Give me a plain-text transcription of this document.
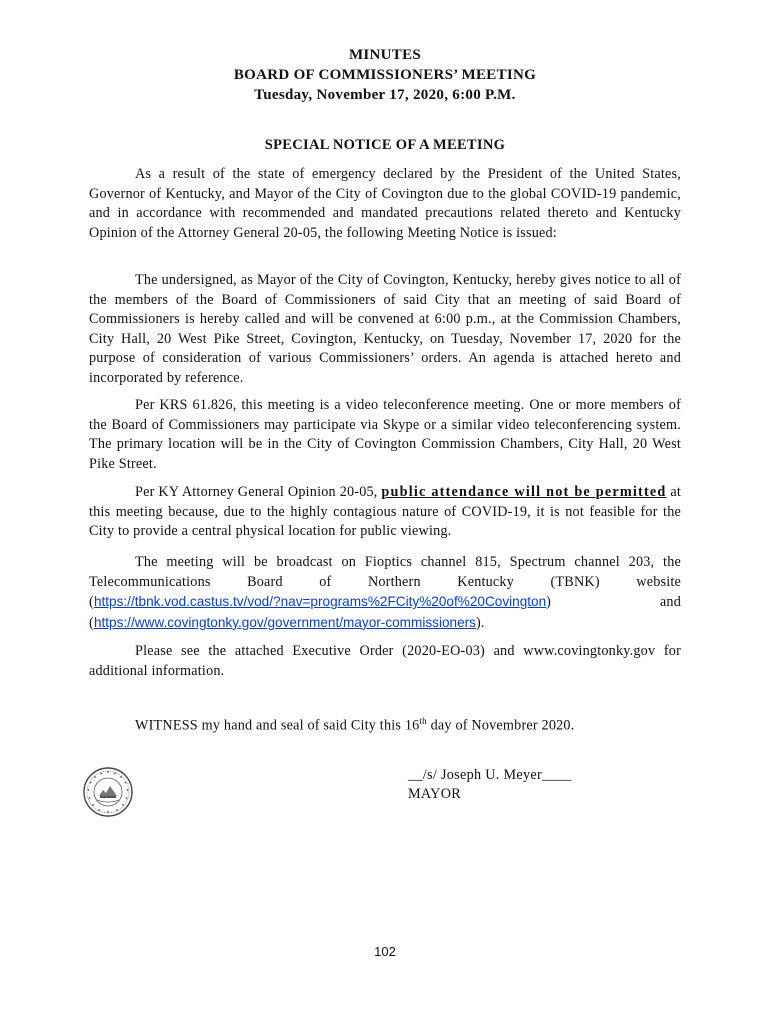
MINUTES
BOARD OF COMMISSIONERS’ MEETING
Tuesday, November 17, 2020, 6:00 P.M.
SPECIAL NOTICE OF A MEETING

As a result of the state of emergency declared by the President of the United States, Governor of Kentucky, and Mayor of the City of Covington due to the global COVID-19 pandemic, and in accordance with recommended and mandated precautions related thereto and Kentucky Opinion of the Attorney General 20-05, the following Meeting Notice is issued:

The undersigned, as Mayor of the City of Covington, Kentucky, hereby gives notice to all of the members of the Board of Commissioners of said City that an meeting of said Board of Commissioners is hereby called and will be convened at 6:00 p.m., at the Commission Chambers, City Hall, 20 West Pike Street, Covington, Kentucky, on Tuesday, November 17, 2020 for the purpose of consideration of various Commissioners’ orders. An agenda is attached hereto and incorporated by reference.

Per KRS 61.826, this meeting is a video teleconference meeting. One or more members of the Board of Commissioners may participate via Skype or a similar video teleconferencing system. The primary location will be in the City of Covington Commission Chambers, City Hall, 20 West Pike Street.

Per KY Attorney General Opinion 20-05, public attendance will not be permitted at this meeting because, due to the highly contagious nature of COVID-19, it is not feasible for the City to provide a central physical location for public viewing.

The meeting will be broadcast on Fioptics channel 815, Spectrum channel 203, the Telecommunications Board of Northern Kentucky (TBNK) website (https://tbnk.vod.castus.tv/vod/?nav=programs%2FCity%20of%20Covington) and (https://www.covingtonky.gov/government/mayor-commissioners).

Please see the attached Executive Order (2020-EO-03) and www.covingtonky.gov for additional information.

WITNESS my hand and seal of said City this 16th day of Novembrer 2020.

__/s/ Joseph U. Meyer____
MAYOR
102
